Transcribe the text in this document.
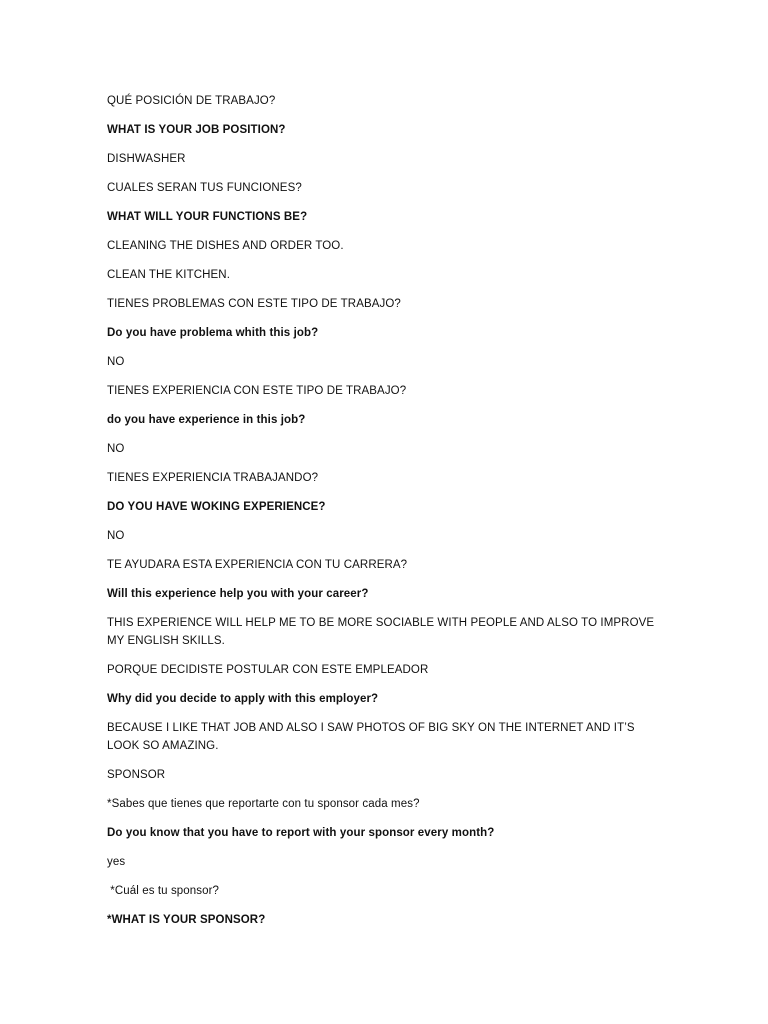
QUÉ POSICIÓN DE TRABAJO?
WHAT IS YOUR JOB POSITION?
DISHWASHER
CUALES SERAN TUS FUNCIONES?
WHAT WILL YOUR FUNCTIONS BE?
CLEANING THE DISHES AND ORDER TOO.
CLEAN THE KITCHEN.
TIENES PROBLEMAS CON ESTE TIPO DE TRABAJO?
Do you have problema whith this job?
NO
TIENES EXPERIENCIA CON ESTE TIPO DE TRABAJO?
do you have experience in this job?
NO
TIENES EXPERIENCIA TRABAJANDO?
DO YOU HAVE WOKING EXPERIENCE?
NO
TE AYUDARA ESTA EXPERIENCIA CON TU CARRERA?
Will this experience help you with your career?
THIS EXPERIENCE WILL HELP ME TO BE MORE SOCIABLE WITH PEOPLE AND ALSO TO IMPROVE MY ENGLISH SKILLS.
PORQUE DECIDISTE POSTULAR CON ESTE EMPLEADOR
Why did you decide to apply with this employer?
BECAUSE I LIKE THAT JOB AND ALSO I SAW PHOTOS OF BIG SKY ON THE INTERNET AND IT’S LOOK SO AMAZING.
SPONSOR
*Sabes que tienes que reportarte con tu sponsor cada mes?
Do you know that you have to report with your sponsor every month?
yes
*Cuál es tu sponsor?
*WHAT IS YOUR SPONSOR?
